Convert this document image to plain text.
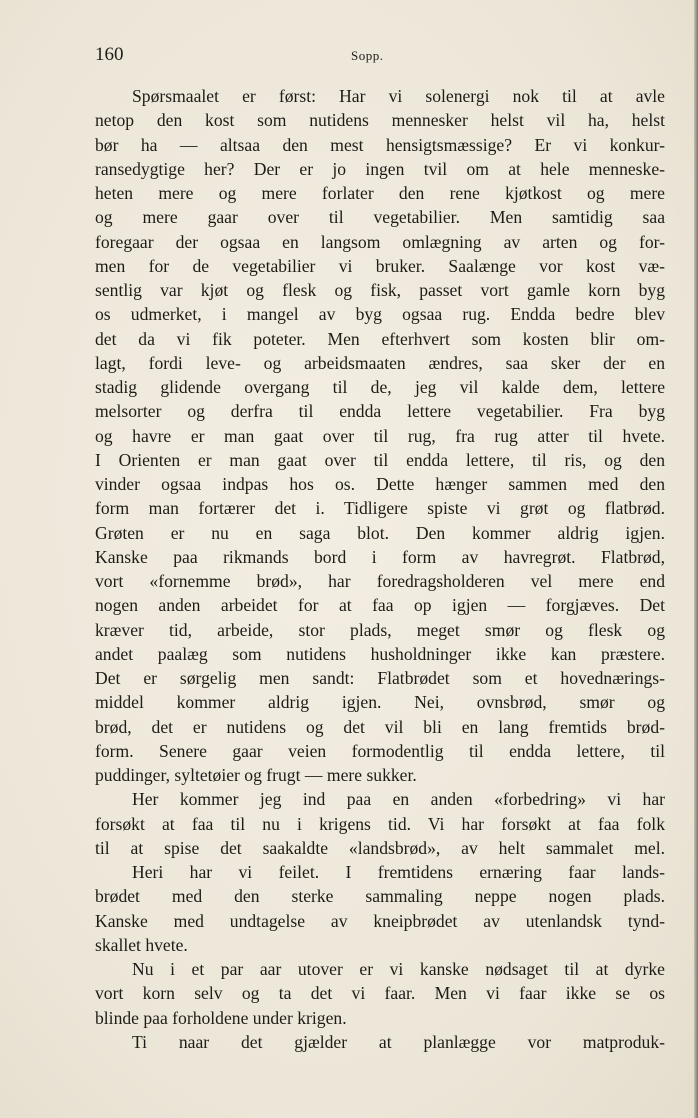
160	Sopp.
Spørsmaalet er først: Har vi solenergi nok til at avle
netop den kost som nutidens mennesker helst vil ha, helst
bør ha — altsaa den mest hensigtsmæssige? Er vi konkur-
ransedygtige her? Der er jo ingen tvil om at hele menneske-
heten mere og mere forlater den rene kjøtkost og mere
og mere gaar over til vegetabilier. Men samtidig saa
foregaar der ogsaa en langsom omlægning av arten og for-
men for de vegetabilier vi bruker. Saalænge vor kost væ-
sentlig var kjøt og flesk og fisk, passet vort gamle korn byg
os udmerket, i mangel av byg ogsaa rug. Endda bedre blev
det da vi fik poteter. Men efterhvert som kosten blir om-
lagt, fordi leve- og arbeidsmaaten ændres, saa sker der en
stadig glidende overgang til de, jeg vil kalde dem, lettere
melsorter og derfra til endda lettere vegetabilier. Fra byg
og havre er man gaat over til rug, fra rug atter til hvete.
I Orienten er man gaat over til endda lettere, til ris, og den
vinder ogsaa indpas hos os. Dette hænger sammen med den
form man fortærer det i. Tidligere spiste vi grøt og flatbrød.
Grøten er nu en saga blot. Den kommer aldrig igjen.
Kanske paa rikmands bord i form av havregrøt. Flatbrød,
vort «fornemme brød», har foredragsholderen vel mere end
nogen anden arbeidet for at faa op igjen — forgjæves. Det
kræver tid, arbeide, stor plads, meget smør og flesk og
andet paalæg som nutidens husholdninger ikke kan præstere.
Det er sørgelig men sandt: Flatbrødet som et hovednærings-
middel kommer aldrig igjen. Nei, ovnsbrød, smør og
brød, det er nutidens og det vil bli en lang fremtids brød-
form. Senere gaar veien formodentlig til endda lettere, til
puddinger, syltetøier og frugt — mere sukker.
Her kommer jeg ind paa en anden «forbedring» vi har
forsøkt at faa til nu i krigens tid. Vi har forsøkt at faa folk
til at spise det saakaldte «landsbrød», av helt sammalet mel.
Heri har vi feilet. I fremtidens ernæring faar lands-
brødet med den sterke sammaling neppe nogen plads.
Kanske med undtagelse av kneipbrødet av utenlandsk tynd-
skallet hvete.
Nu i et par aar utover er vi kanske nødsaget til at dyrke
vort korn selv og ta det vi faar. Men vi faar ikke se os
blinde paa forholdene under krigen.
Ti naar det gjælder at planlægge vor matproduk-
